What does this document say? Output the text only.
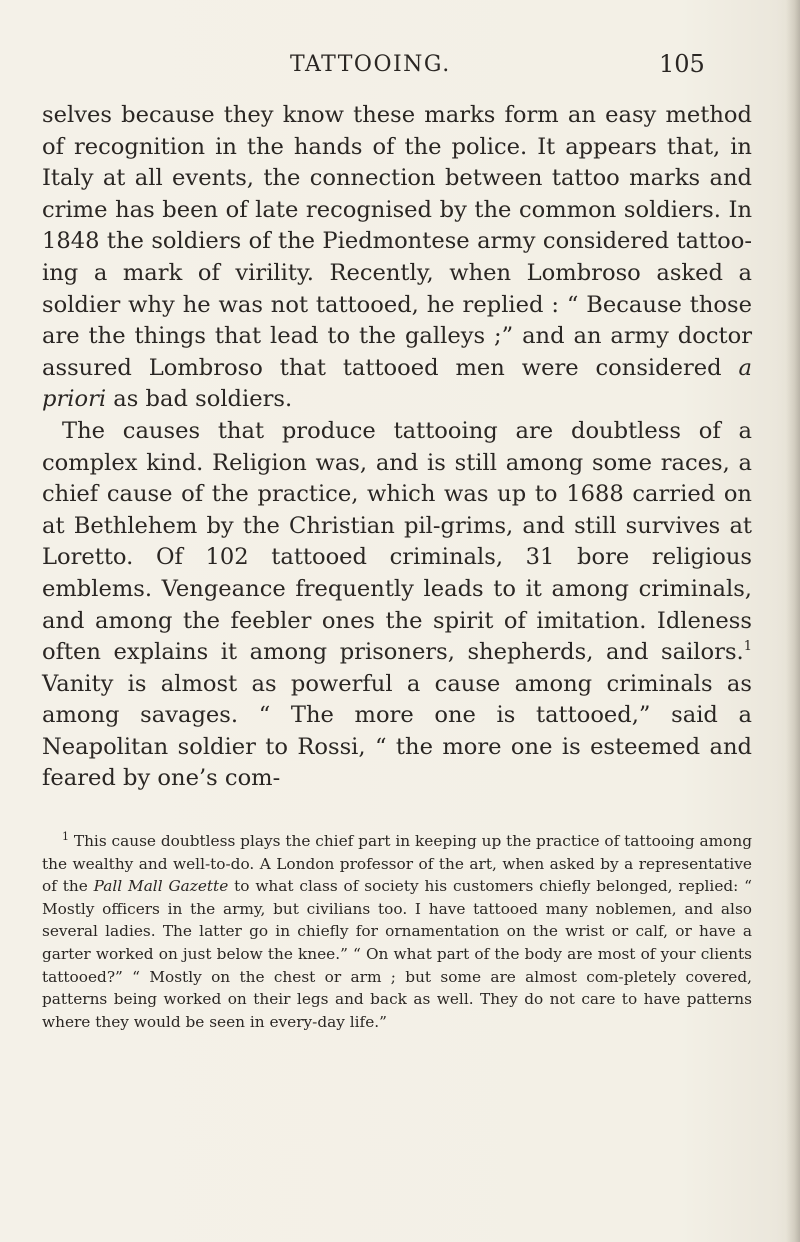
TATTOOING.	105

selves because they know these marks form an easy method of recognition in the hands of the police. It appears that, in Italy at all events, the connection between tattoo marks and crime has been of late recognised by the common soldiers. In 1848 the soldiers of the Piedmontese army considered tattoo-ing a mark of virility. Recently, when Lombroso asked a soldier why he was not tattooed, he replied : “ Because those are the things that lead to the galleys ;” and an army doctor assured Lombroso that tattooed men were considered a priori as bad soldiers.

The causes that produce tattooing are doubtless of a complex kind. Religion was, and is still among some races, a chief cause of the practice, which was up to 1688 carried on at Bethlehem by the Christian pil-grims, and still survives at Loretto. Of 102 tattooed criminals, 31 bore religious emblems. Vengeance frequently leads to it among criminals, and among the feebler ones the spirit of imitation. Idleness often explains it among prisoners, shepherds, and sailors.$^1$ Vanity is almost as powerful a cause among criminals as among savages. “ The more one is tattooed,” said a Neapolitan soldier to Rossi, “ the more one is esteemed and feared by one’s com-

$^1$ This cause doubtless plays the chief part in keeping up the practice of tattooing among the wealthy and well-to-do. A London professor of the art, when asked by a representative of the Pall Mall Gazette to what class of society his customers chiefly belonged, replied: “ Mostly officers in the army, but civilians too. I have tattooed many noblemen, and also several ladies. The latter go in chiefly for ornamentation on the wrist or calf, or have a garter worked on just below the knee.” “ On what part of the body are most of your clients tattooed?” “ Mostly on the chest or arm ; but some are almost com-pletely covered, patterns being worked on their legs and back as well. They do not care to have patterns where they would be seen in every-day life.”
